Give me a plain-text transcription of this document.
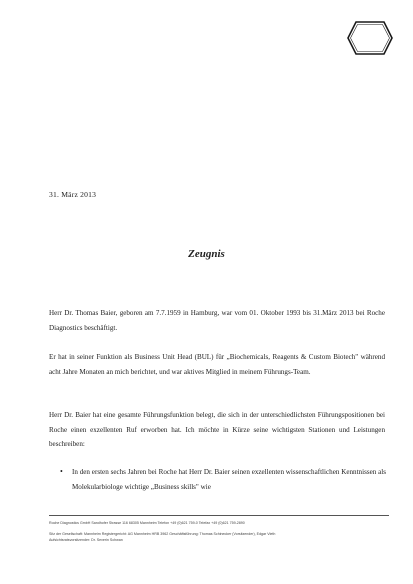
31. März 2013
Zeugnis
Herr Dr. Thomas Baier, geboren am 7.7.1959 in Hamburg, war vom 01. Oktober 1993 bis 31.März 2013 bei Roche Diagnostics beschäftigt.
Er hat in seiner Funktion als Business Unit Head (BUL) für „Biochemicals, Reagents & Custom Biotech" während acht Jahre Monaten an mich berichtet, und war aktives Mitglied in meinem Führungs-Team.
Herr Dr. Baier hat eine gesamte Führungsfunktion belegt, die sich in der unterschiedlichsten Führungspositionen bei Roche einen exzellenten Ruf erworben hat. Ich möchte in Kürze seine wichtigsten Stationen und Leistungen beschreiben:
•	In den ersten sechs Jahren bei Roche hat Herr Dr. Baier seinen exzellenten wissenschaftlichen Kenntnissen als Molekularbiologe wichtige „Business skills" wie
Roche Diagnostics GmbH Sandhofer Strasse 116 68305 Mannheim Telefon +49 (0)621 759-0 Telefax +49 (0)621 759-2890
Sitz der Gesellschaft: Mannheim Registergericht: AG Mannheim HRB 3962 Geschäftsführung: Thomas Schinecker (Vorsitzender), Edgar Vieth
Aufsichtsratsvorsitzender: Dr. Severin Schwan
